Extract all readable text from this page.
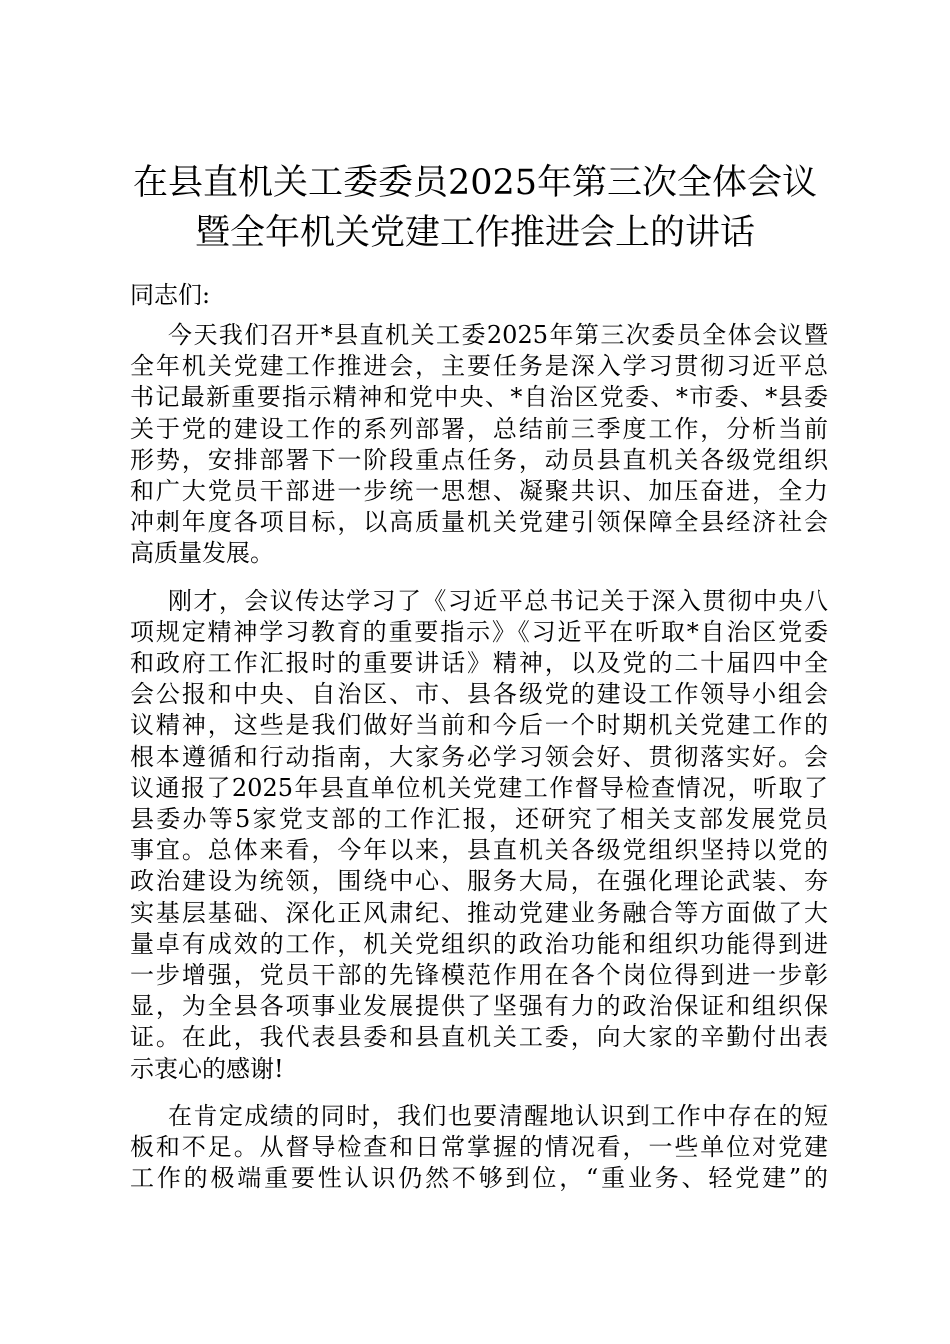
在县直机关工委委员2025年第三次全体会议
暨全年机关党建工作推进会上的讲话

同志们:

今天我们召开*县直机关工委2025年第三次委员全体会议暨
全年机关党建工作推进会，主要任务是深入学习贯彻习近平总
书记最新重要指示精神和党中央、*自治区党委、*市委、*县委
关于党的建设工作的系列部署，总结前三季度工作，分析当前
形势，安排部署下一阶段重点任务，动员县直机关各级党组织
和广大党员干部进一步统一思想、凝聚共识、加压奋进，全力
冲刺年度各项目标，以高质量机关党建引领保障全县经济社会
高质量发展。

刚才，会议传达学习了《习近平总书记关于深入贯彻中央八
项规定精神学习教育的重要指示》《习近平在听取*自治区党委
和政府工作汇报时的重要讲话》精神，以及党的二十届四中全
会公报和中央、自治区、市、县各级党的建设工作领导小组会
议精神，这些是我们做好当前和今后一个时期机关党建工作的
根本遵循和行动指南，大家务必学习领会好、贯彻落实好。会
议通报了2025年县直单位机关党建工作督导检查情况，听取了
县委办等5家党支部的工作汇报，还研究了相关支部发展党员
事宜。总体来看，今年以来，县直机关各级党组织坚持以党的
政治建设为统领，围绕中心、服务大局，在强化理论武装、夯
实基层基础、深化正风肃纪、推动党建业务融合等方面做了大
量卓有成效的工作，机关党组织的政治功能和组织功能得到进
一步增强，党员干部的先锋模范作用在各个岗位得到进一步彰
显，为全县各项事业发展提供了坚强有力的政治保证和组织保
证。在此，我代表县委和县直机关工委，向大家的辛勤付出表
示衷心的感谢!

在肯定成绩的同时，我们也要清醒地认识到工作中存在的短
板和不足。从督导检查和日常掌握的情况看，一些单位对党建
工作的极端重要性认识仍然不够到位，“重业务、轻党建”的
